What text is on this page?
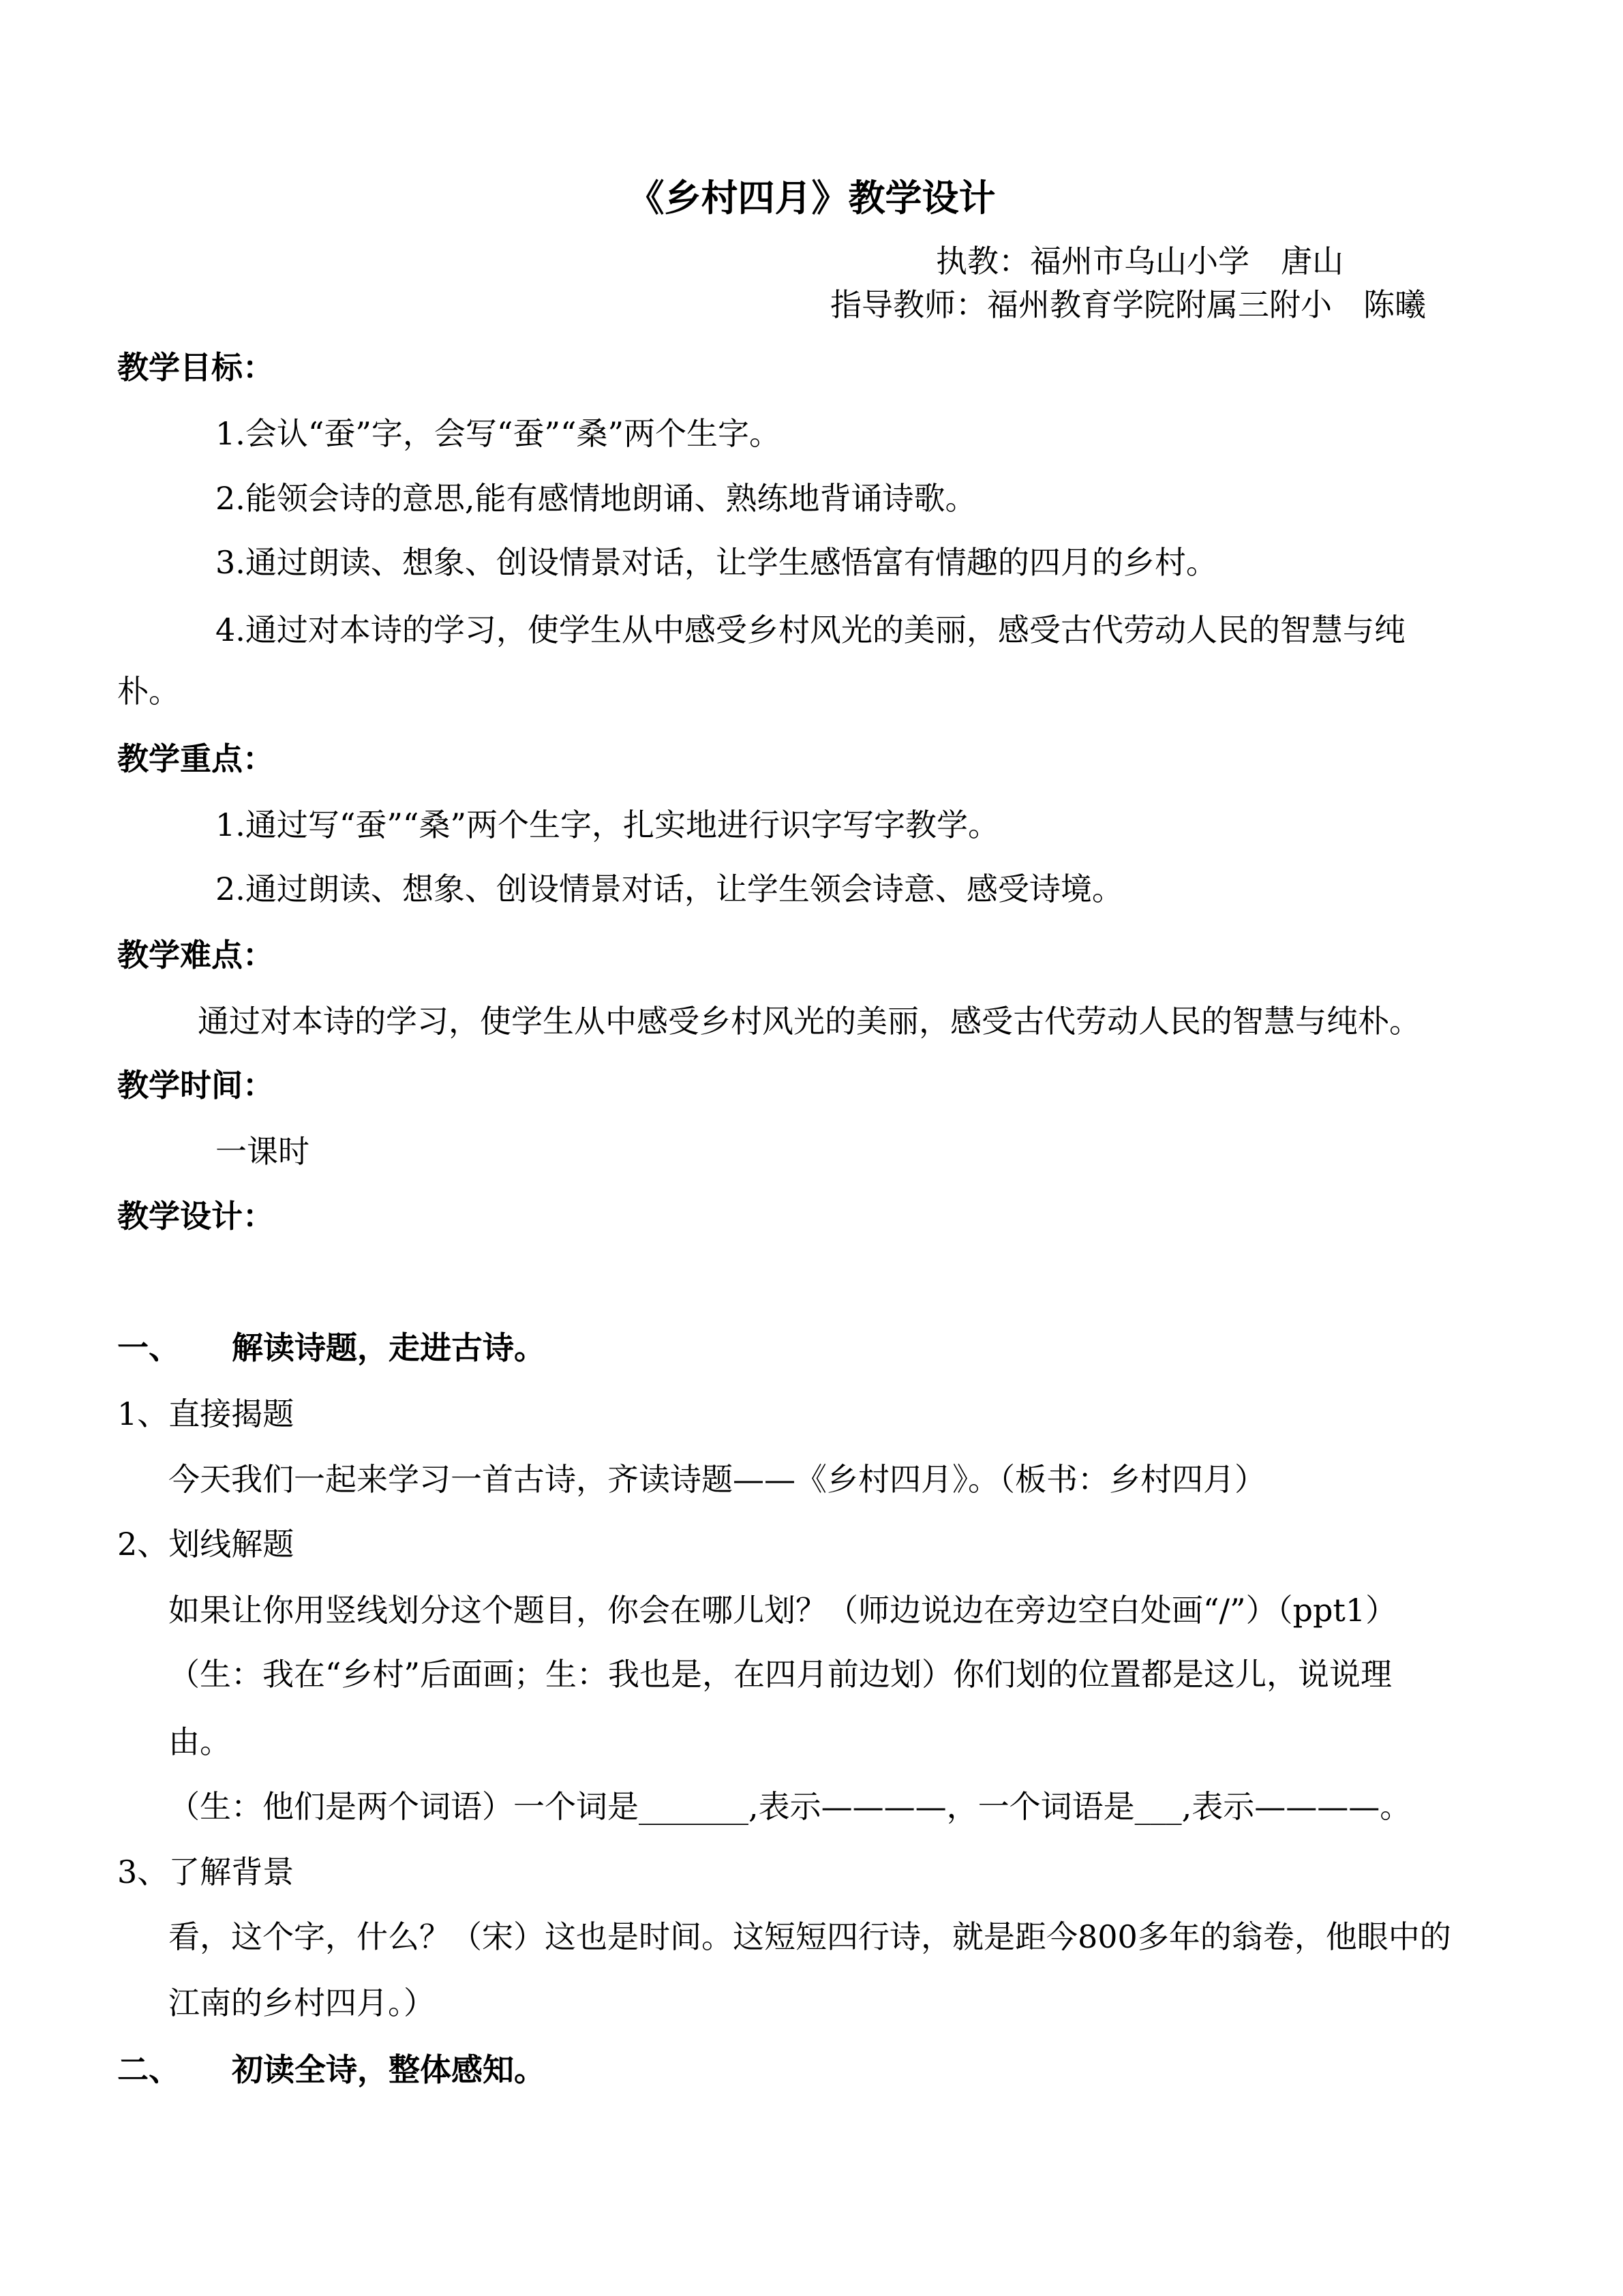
《乡村四月》教学设计
执教：福州市乌山小学　唐山
指导教师：福州教育学院附属三附小　陈曦
教学目标：
1.会认“蚕”字，会写“蚕”“桑”两个生字。
2.能领会诗的意思,能有感情地朗诵、熟练地背诵诗歌。
3.通过朗读、想象、创设情景对话，让学生感悟富有情趣的四月的乡村。
4.通过对本诗的学习，使学生从中感受乡村风光的美丽，感受古代劳动人民的智慧与纯
朴。
教学重点：
1.通过写“蚕”“桑”两个生字，扎实地进行识字写字教学。
2.通过朗读、想象、创设情景对话，让学生领会诗意、感受诗境。
教学难点：
通过对本诗的学习，使学生从中感受乡村风光的美丽，感受古代劳动人民的智慧与纯朴。
教学时间：
一课时
教学设计：
一、 解读诗题，走进古诗。
1、直接揭题
今天我们一起来学习一首古诗，齐读诗题——《乡村四月》。（板书：乡村四月）
2、划线解题
如果让你用竖线划分这个题目，你会在哪儿划？（师边说边在旁边空白处画“/”）（ppt1）
（生：我在“乡村”后面画；生：我也是，在四月前边划）你们划的位置都是这儿，说说理
由。
（生：他们是两个词语）一个词是_______,表示————，一个词语是___,表示————。
3、了解背景
看，这个字，什么？（宋）这也是时间。这短短四行诗，就是距今800多年的翁卷，他眼中的
江南的乡村四月。）
二、 初读全诗，整体感知。
